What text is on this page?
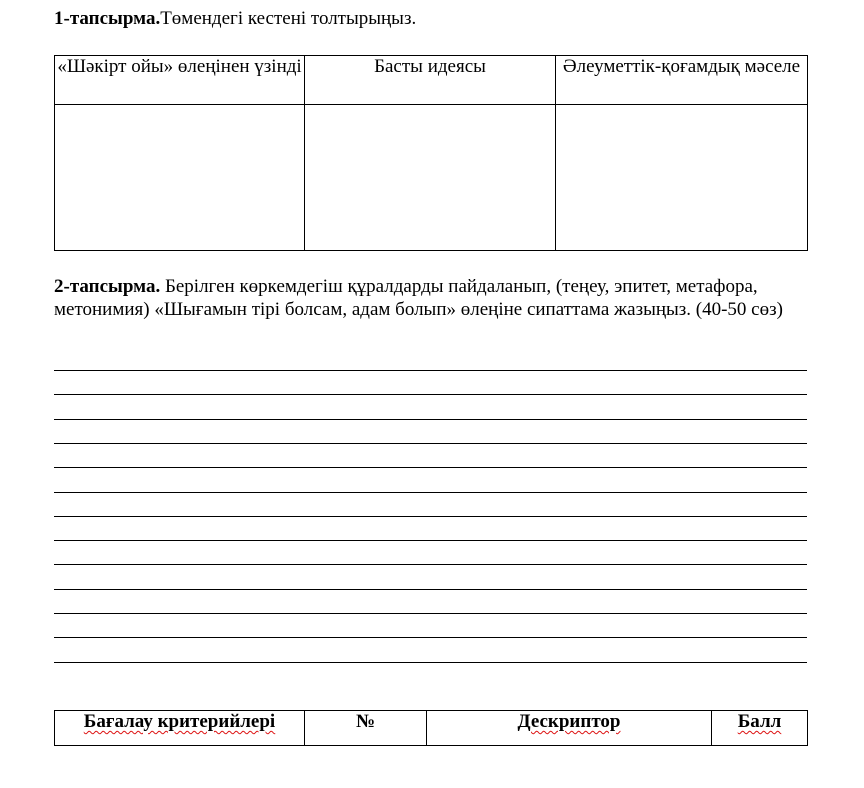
1-тапсырма.Төмендегі кестені толтырыңыз.
«Шәкірт ойы» өлеңінен үзінді	Басты идеясы	Әлеуметтік-қоғамдық мәселе

2-тапсырма. Берілген көркемдегіш құралдарды пайдаланып, (теңеу, эпитет, метафора, метонимия) «Шығамын тірі болсам, адам болып» өлеңіне сипаттама жазыңыз. (40-50 сөз)
Бағалау критерийлері	№	Дескриптор	Балл
